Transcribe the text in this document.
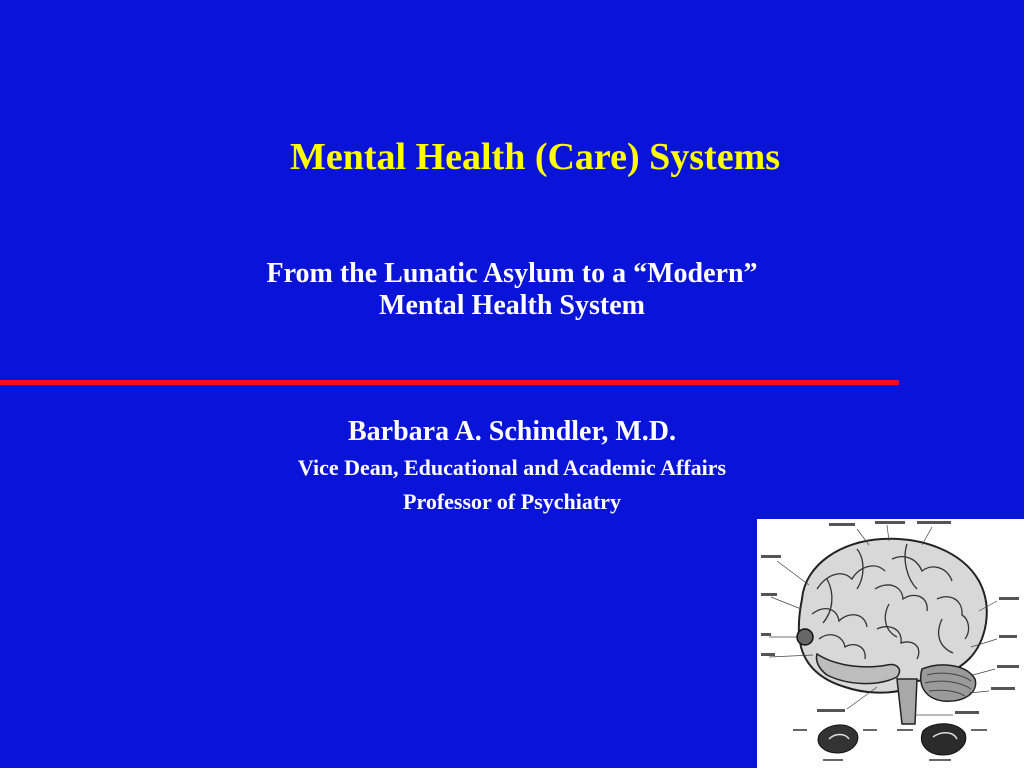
Mental Health (Care) Systems
From the Lunatic Asylum to a “Modern”
Mental Health System
Barbara A. Schindler, M.D.
Vice Dean, Educational and Academic Affairs
Professor of Psychiatry
